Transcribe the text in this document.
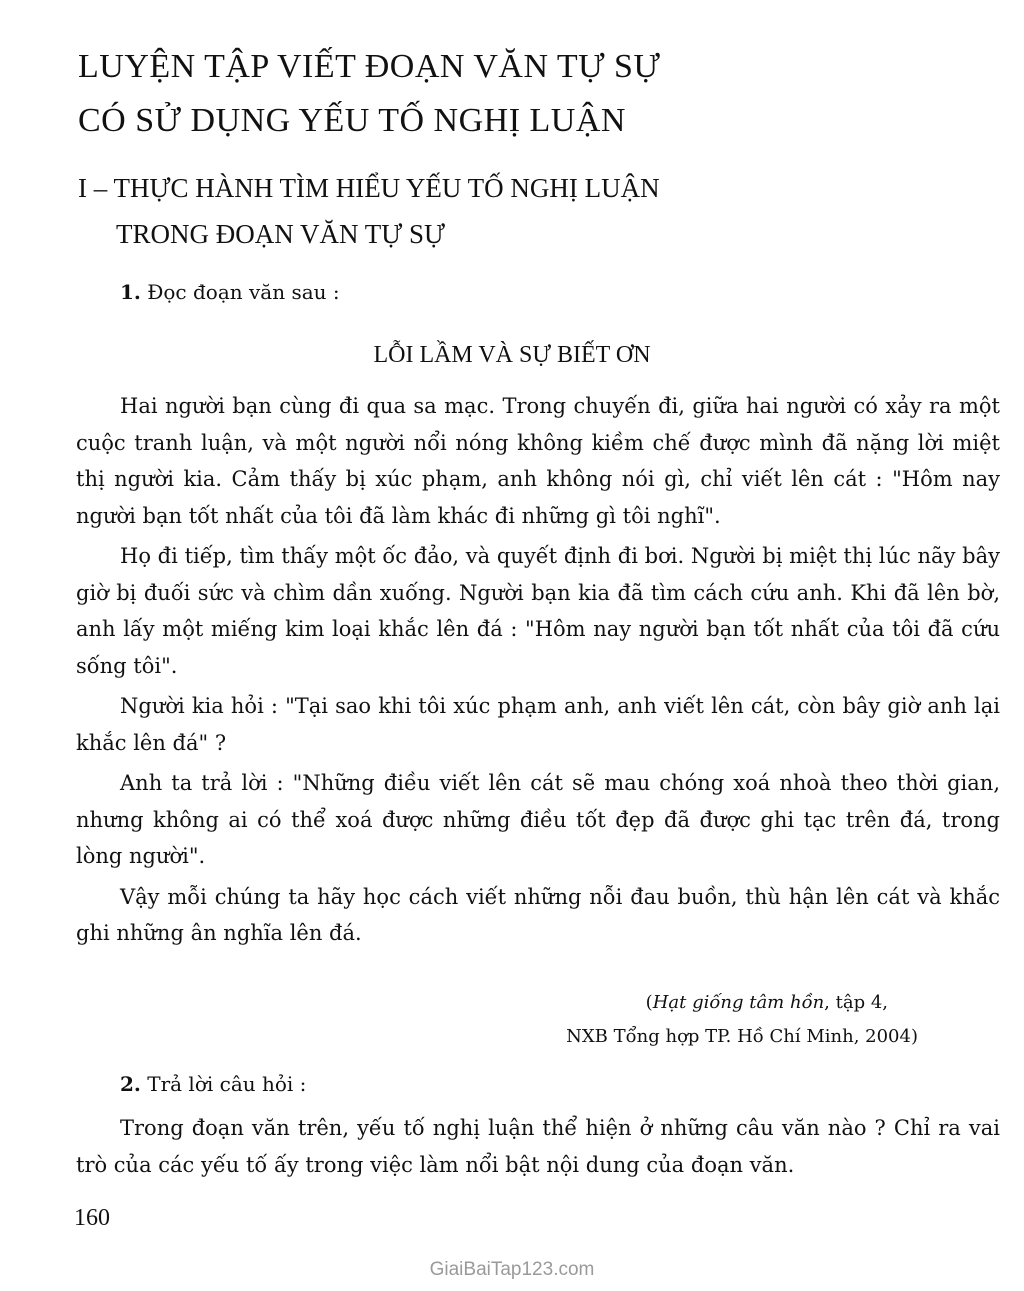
LUYỆN TẬP VIẾT ĐOẠN VĂN TỰ SỰ
CÓ SỬ DỤNG YẾU TỐ NGHỊ LUẬN
I – THỰC HÀNH TÌM HIỂU YẾU TỐ NGHỊ LUẬN
TRONG ĐOẠN VĂN TỰ SỰ
1. Đọc đoạn văn sau :
LỖI LẦM VÀ SỰ BIẾT ƠN

Hai người bạn cùng đi qua sa mạc. Trong chuyến đi, giữa hai người có xảy ra một cuộc tranh luận, và một người nổi nóng không kiềm chế được mình đã nặng lời miệt thị người kia. Cảm thấy bị xúc phạm, anh không nói gì, chỉ viết lên cát : "Hôm nay người bạn tốt nhất của tôi đã làm khác đi những gì tôi nghĩ".

Họ đi tiếp, tìm thấy một ốc đảo, và quyết định đi bơi. Người bị miệt thị lúc nãy bây giờ bị đuối sức và chìm dần xuống. Người bạn kia đã tìm cách cứu anh. Khi đã lên bờ, anh lấy một miếng kim loại khắc lên đá : "Hôm nay người bạn tốt nhất của tôi đã cứu sống tôi".

Người kia hỏi : "Tại sao khi tôi xúc phạm anh, anh viết lên cát, còn bây giờ anh lại khắc lên đá" ?

Anh ta trả lời : "Những điều viết lên cát sẽ mau chóng xoá nhoà theo thời gian, nhưng không ai có thể xoá được những điều tốt đẹp đã được ghi tạc trên đá, trong lòng người".

Vậy mỗi chúng ta hãy học cách viết những nỗi đau buồn, thù hận lên cát và khắc ghi những ân nghĩa lên đá.

(Hạt giống tâm hồn, tập 4,
NXB Tổng hợp TP. Hồ Chí Minh, 2004)
2. Trả lời câu hỏi :

Trong đoạn văn trên, yếu tố nghị luận thể hiện ở những câu văn nào ? Chỉ ra vai trò của các yếu tố ấy trong việc làm nổi bật nội dung của đoạn văn.

160
GiaiBaiTap123.com
